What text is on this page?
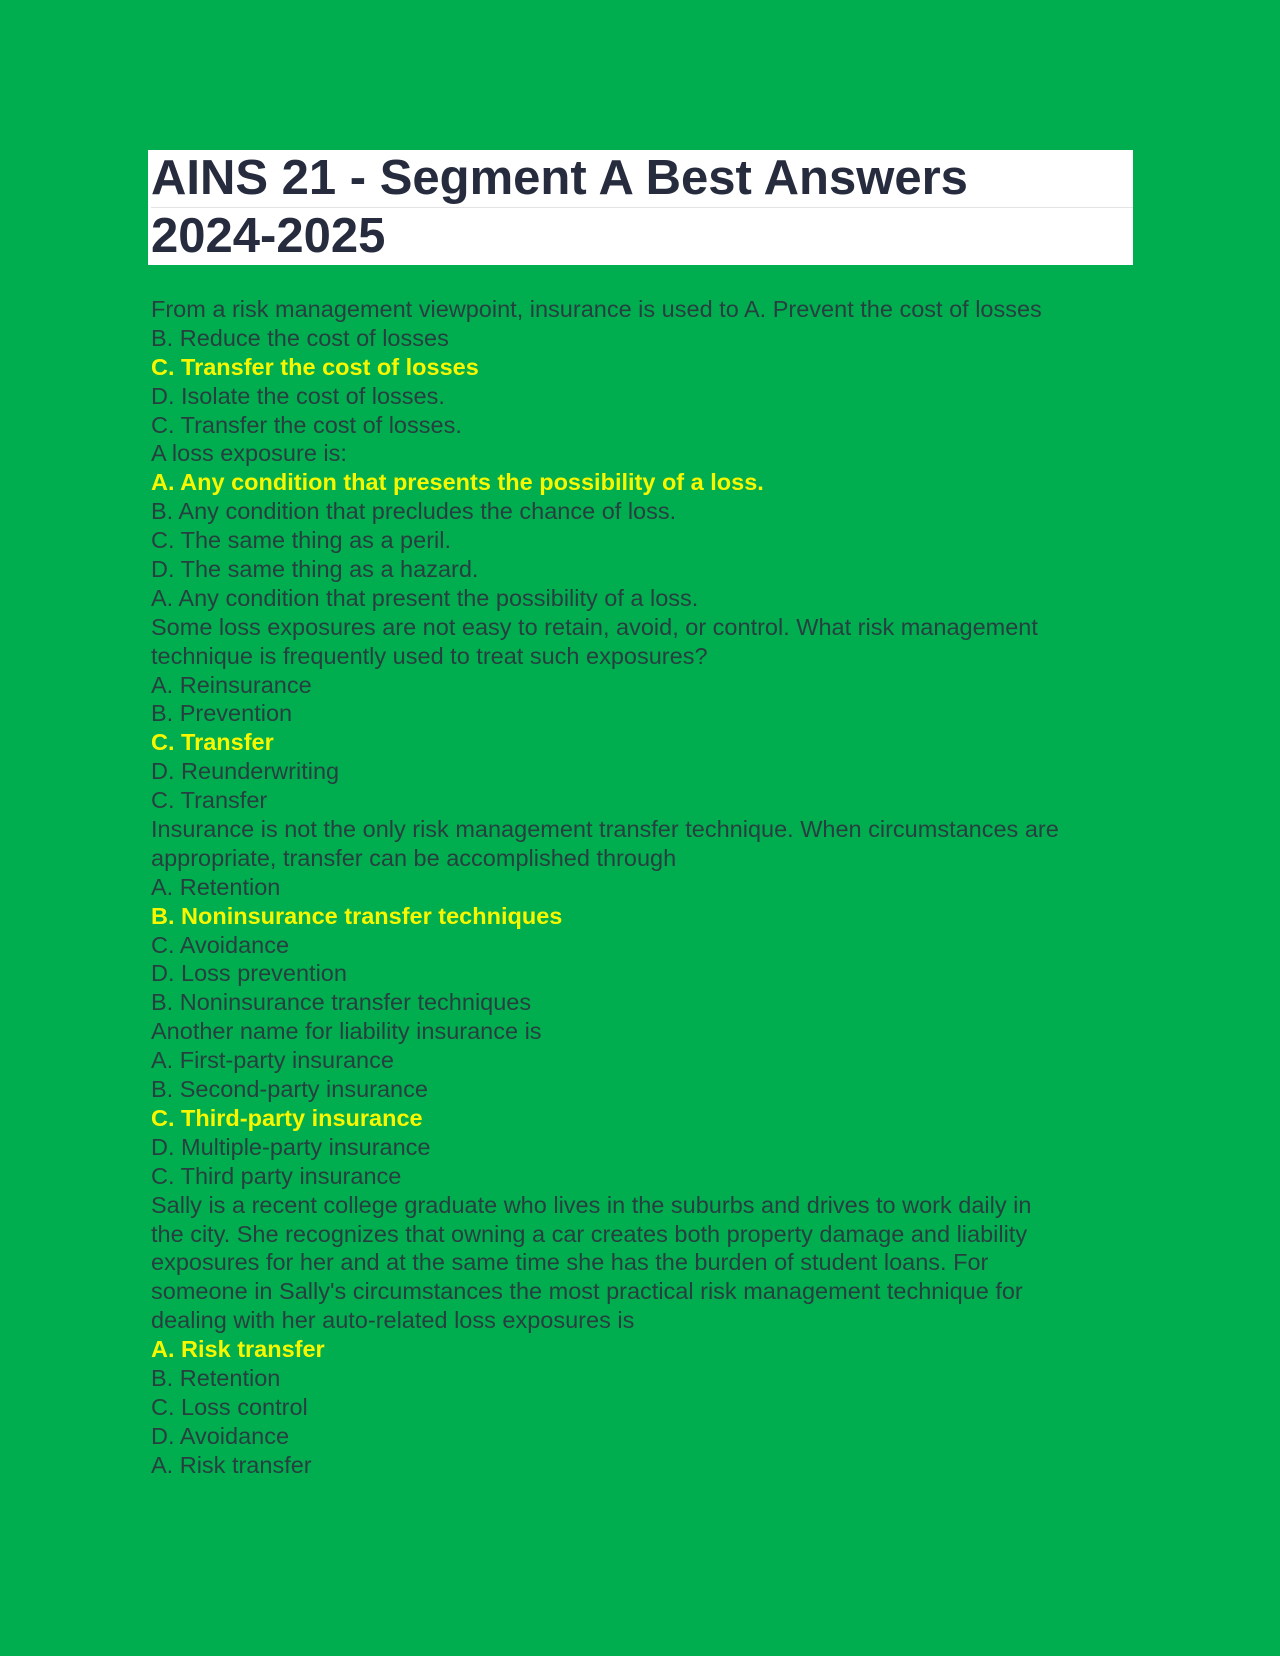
AINS 21 - Segment A Best Answers
2024-2025
From a risk management viewpoint, insurance is used to A. Prevent the cost of losses
B. Reduce the cost of losses
C. Transfer the cost of losses
D. Isolate the cost of losses.
C. Transfer the cost of losses.
A loss exposure is:
A. Any condition that presents the possibility of a loss.
B. Any condition that precludes the chance of loss.
C. The same thing as a peril.
D. The same thing as a hazard.
A. Any condition that present the possibility of a loss.
Some loss exposures are not easy to retain, avoid, or control. What risk management
technique is frequently used to treat such exposures?
A. Reinsurance
B. Prevention
C. Transfer
D. Reunderwriting
C. Transfer
Insurance is not the only risk management transfer technique. When circumstances are
appropriate, transfer can be accomplished through
A. Retention
B. Noninsurance transfer techniques
C. Avoidance
D. Loss prevention
B. Noninsurance transfer techniques
Another name for liability insurance is
A. First-party insurance
B. Second-party insurance
C. Third-party insurance
D. Multiple-party insurance
C. Third party insurance
Sally is a recent college graduate who lives in the suburbs and drives to work daily in
the city. She recognizes that owning a car creates both property damage and liability
exposures for her and at the same time she has the burden of student loans. For
someone in Sally's circumstances the most practical risk management technique for
dealing with her auto-related loss exposures is
A. Risk transfer
B. Retention
C. Loss control
D. Avoidance
A. Risk transfer
